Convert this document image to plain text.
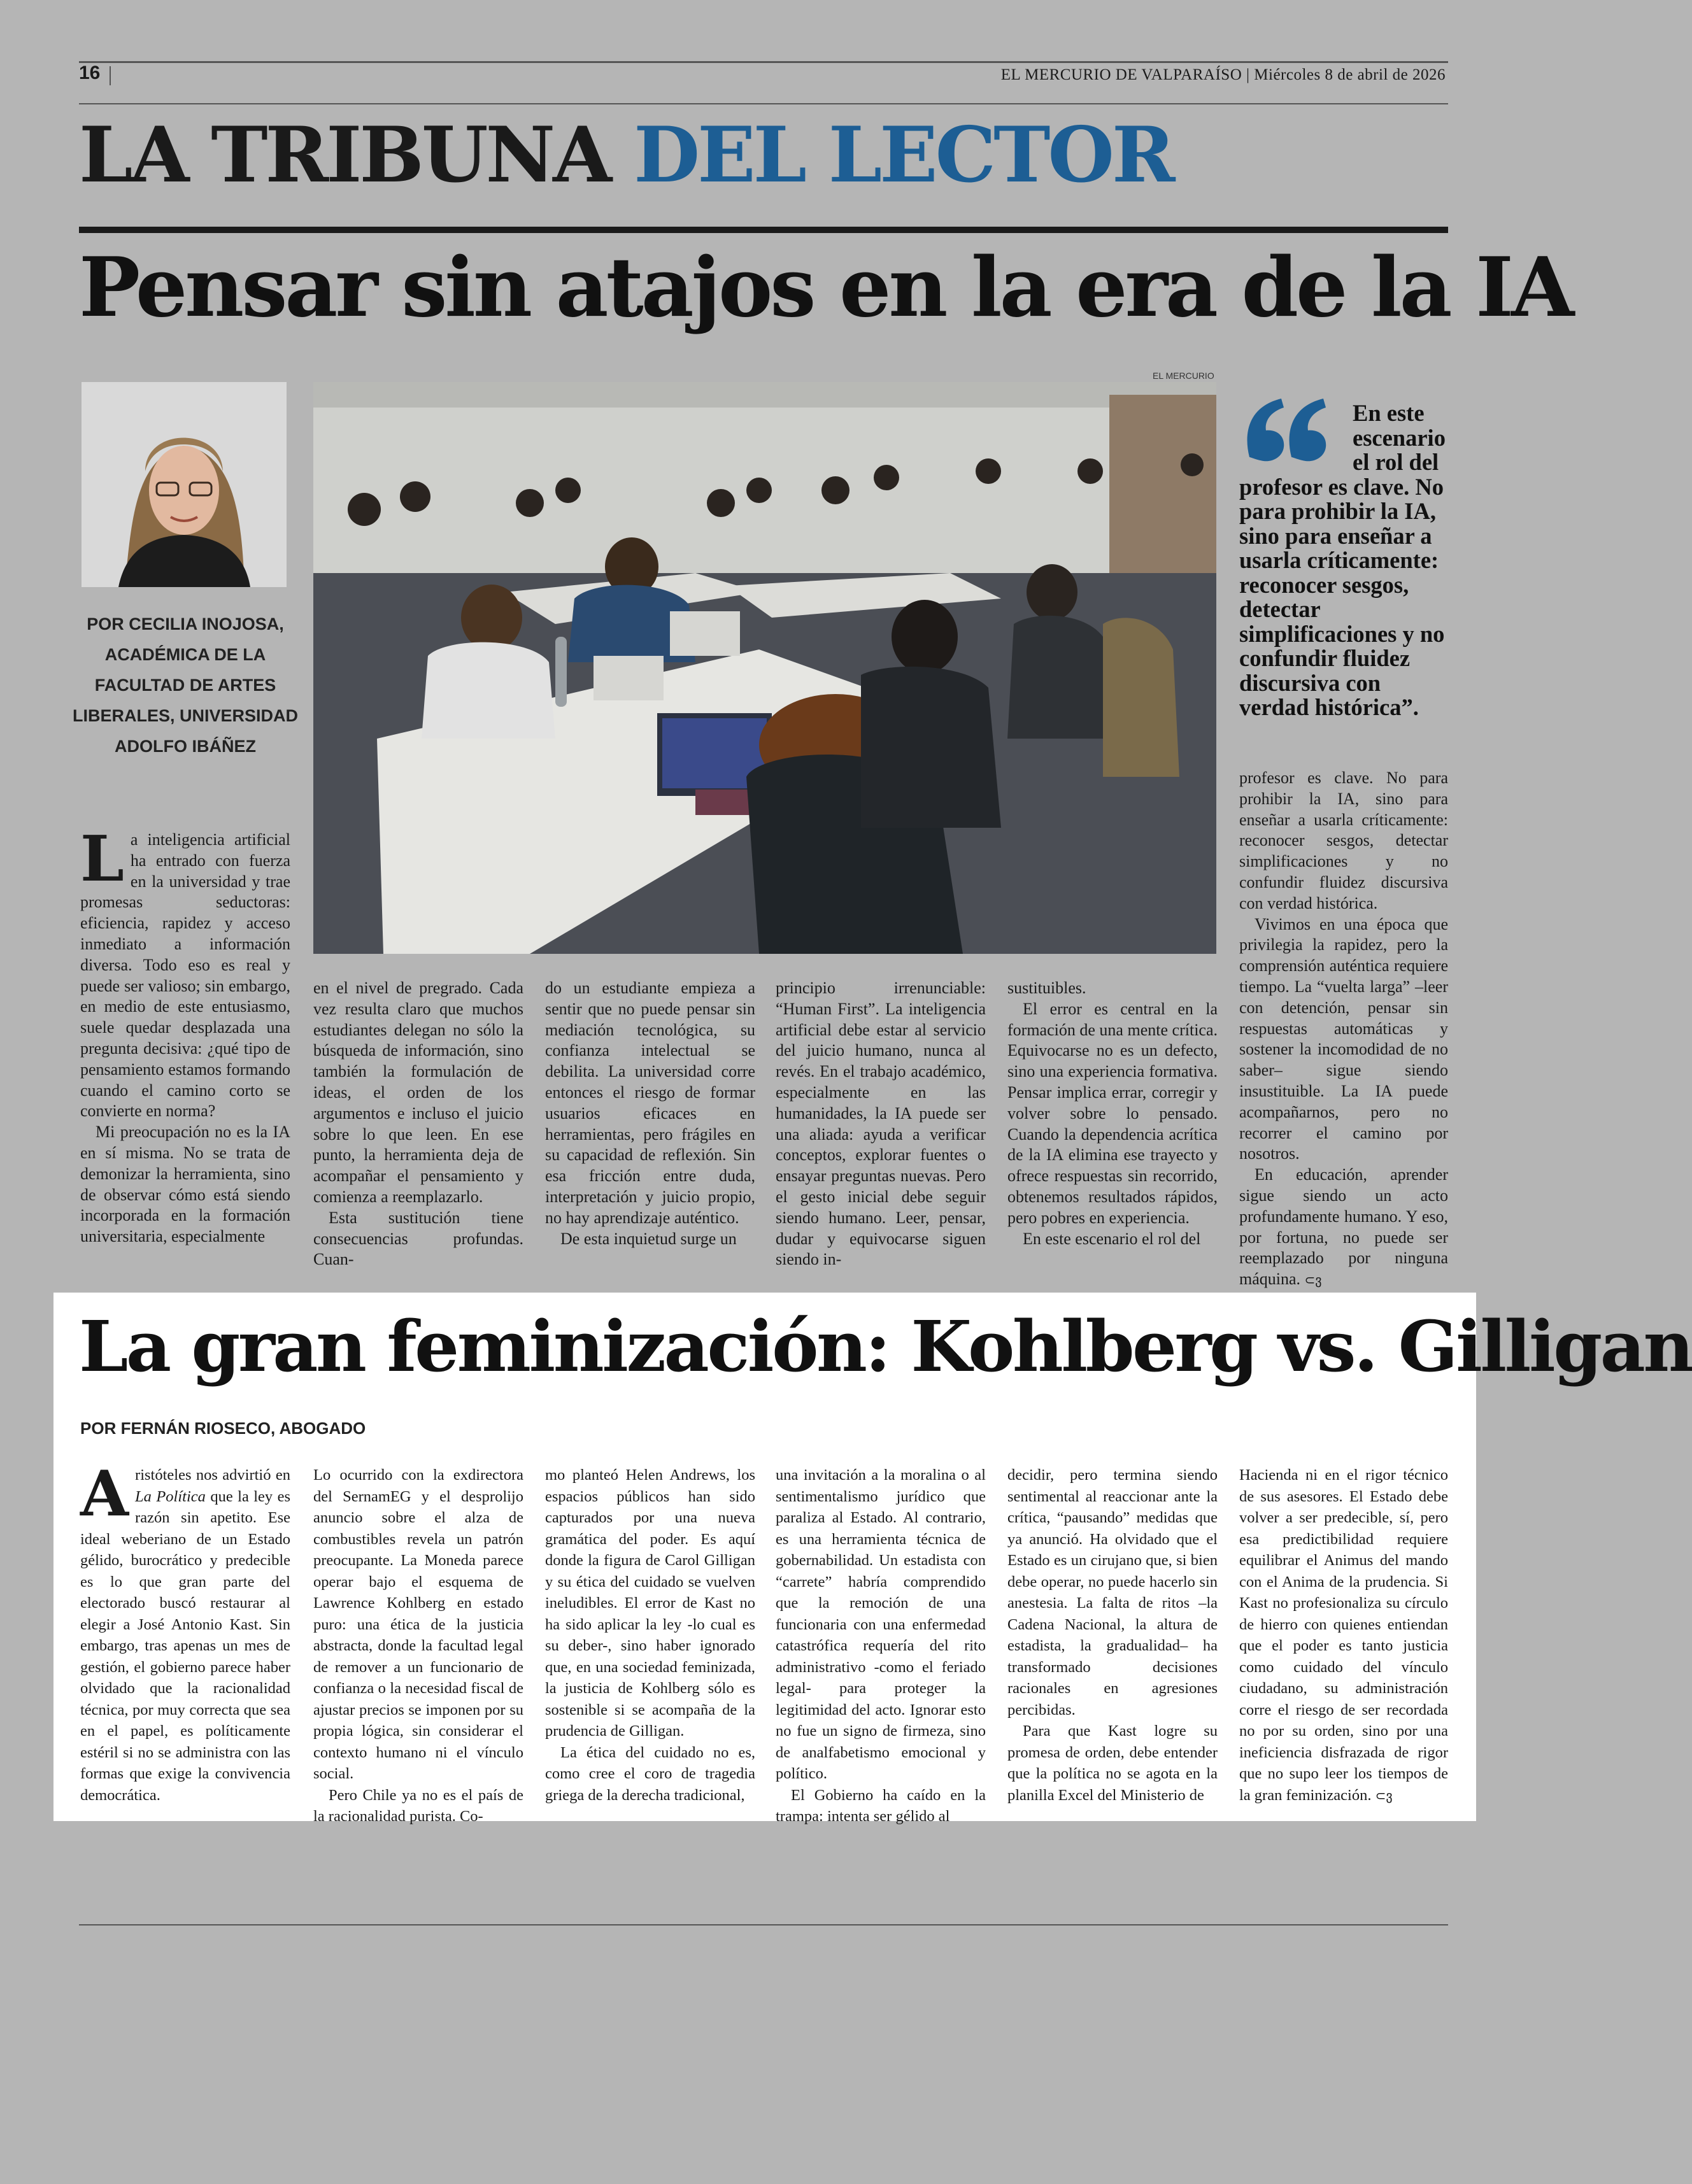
16	EL MERCURIO DE VALPARAÍSO | Miércoles 8 de abril de 2026
LA TRIBUNA DEL LECTOR
Pensar sin atajos en la era de la IA
POR CECILIA INOJOSA, ACADÉMICA DE LA FACULTAD DE ARTES LIBERALES, UNIVERSIDAD ADOLFO IBÁÑEZ
EL MERCURIO
En este escenario el rol del
profesor es clave. No para prohibir la IA, sino para enseñar a usarla críticamente: reconocer sesgos, detectar simplificaciones y no confundir fluidez discursiva con verdad histórica”.

La inteligencia artificial ha entrado con fuerza en la universidad y trae promesas seductoras: eficiencia, rapidez y acceso inmediato a información diversa. Todo eso es real y puede ser valioso; sin embargo, en medio de este entusiasmo, suele quedar desplazada una pregunta decisiva: ¿qué tipo de pensamiento estamos formando cuando el camino corto se convierte en norma?

Mi preocupación no es la IA en sí misma. No se trata de demonizar la herramienta, sino de observar cómo está siendo incorporada en la formación universitaria, especialmente

en el nivel de pregrado. Cada vez resulta claro que muchos estudiantes delegan no sólo la búsqueda de información, sino también la formulación de ideas, el orden de los argumentos e incluso el juicio sobre lo que leen. En ese punto, la herramienta deja de acompañar el pensamiento y comienza a reemplazarlo.

Esta sustitución tiene consecuencias profundas. Cuan-

do un estudiante empieza a sentir que no puede pensar sin mediación tecnológica, su confianza intelectual se debilita. La universidad corre entonces el riesgo de formar usuarios eficaces en herramientas, pero frágiles en su capacidad de reflexión. Sin esa fricción entre duda, interpretación y juicio propio, no hay aprendizaje auténtico.

De esta inquietud surge un

principio irrenunciable: “Human First”. La inteligencia artificial debe estar al servicio del juicio humano, nunca al revés. En el trabajo académico, especialmente en las humanidades, la IA puede ser una aliada: ayuda a verificar conceptos, explorar fuentes o ensayar preguntas nuevas. Pero el gesto inicial debe seguir siendo humano. Leer, pensar, dudar y equivocarse siguen siendo in-

sustituibles.

El error es central en la formación de una mente crítica. Equivocarse no es un defecto, sino una experiencia formativa. Pensar implica errar, corregir y volver sobre lo pensado. Cuando la dependencia acrítica de la IA elimina ese trayecto y ofrece respuestas sin recorrido, obtenemos resultados rápidos, pero pobres en experiencia.

En este escenario el rol del

profesor es clave. No para prohibir la IA, sino para enseñar a usarla críticamente: reconocer sesgos, detectar simplificaciones y no confundir fluidez discursiva con verdad histórica.

Vivimos en una época que privilegia la rapidez, pero la comprensión auténtica requiere tiempo. La “vuelta larga” –leer con detención, pensar sin respuestas automáticas y sostener la incomodidad de no saber– sigue siendo insustituible. La IA puede acompañarnos, pero no recorrer el camino por nosotros.

En educación, aprender sigue siendo un acto profundamente humano. Y eso, por fortuna, no puede ser reemplazado por ninguna máquina. ⊂ვ

La gran feminización: Kohlberg vs. Gilligan
POR FERNÁN RIOSECO, ABOGADO

Aristóteles nos advirtió en La Política que la ley es razón sin apetito. Ese ideal weberiano de un Estado gélido, burocrático y predecible es lo que gran parte del electorado buscó restaurar al elegir a José Antonio Kast. Sin embargo, tras apenas un mes de gestión, el gobierno parece haber olvidado que la racionalidad técnica, por muy correcta que sea en el papel, es políticamente estéril si no se administra con las formas que exige la convivencia democrática.

Lo ocurrido con la exdirectora del SernamEG y el desprolijo anuncio sobre el alza de combustibles revela un patrón preocupante. La Moneda parece operar bajo el esquema de Lawrence Kohlberg en estado puro: una ética de la justicia abstracta, donde la facultad legal de remover a un funcionario de confianza o la necesidad fiscal de ajustar precios se imponen por su propia lógica, sin considerar el contexto humano ni el vínculo social.

Pero Chile ya no es el país de la racionalidad purista. Co-

mo planteó Helen Andrews, los espacios públicos han sido capturados por una nueva gramática del poder. Es aquí donde la figura de Carol Gilligan y su ética del cuidado se vuelven ineludibles. El error de Kast no ha sido aplicar la ley -lo cual es su deber-, sino haber ignorado que, en una sociedad feminizada, la justicia de Kohlberg sólo es sostenible si se acompaña de la prudencia de Gilligan.

La ética del cuidado no es, como cree el coro de tragedia griega de la derecha tradicional,

una invitación a la moralina o al sentimentalismo jurídico que paraliza al Estado. Al contrario, es una herramienta técnica de gobernabilidad. Un estadista con “carrete” habría comprendido que la remoción de una funcionaria con una enfermedad catastrófica requería del rito administrativo -como el feriado legal- para proteger la legitimidad del acto. Ignorar esto no fue un signo de firmeza, sino de analfabetismo emocional y político.

El Gobierno ha caído en la trampa: intenta ser gélido al

decidir, pero termina siendo sentimental al reaccionar ante la crítica, “pausando” medidas que ya anunció. Ha olvidado que el Estado es un cirujano que, si bien debe operar, no puede hacerlo sin anestesia. La falta de ritos –la Cadena Nacional, la altura de estadista, la gradualidad– ha transformado decisiones racionales en agresiones percibidas.

Para que Kast logre su promesa de orden, debe entender que la política no se agota en la planilla Excel del Ministerio de

Hacienda ni en el rigor técnico de sus asesores. El Estado debe volver a ser predecible, sí, pero esa predictibilidad requiere equilibrar el Animus del mando con el Anima de la prudencia. Si Kast no profesionaliza su círculo de hierro con quienes entiendan que el poder es tanto justicia como cuidado del vínculo ciudadano, su administración corre el riesgo de ser recordada no por su orden, sino por una ineficiencia disfrazada de rigor que no supo leer los tiempos de la gran feminización. ⊂ვ
